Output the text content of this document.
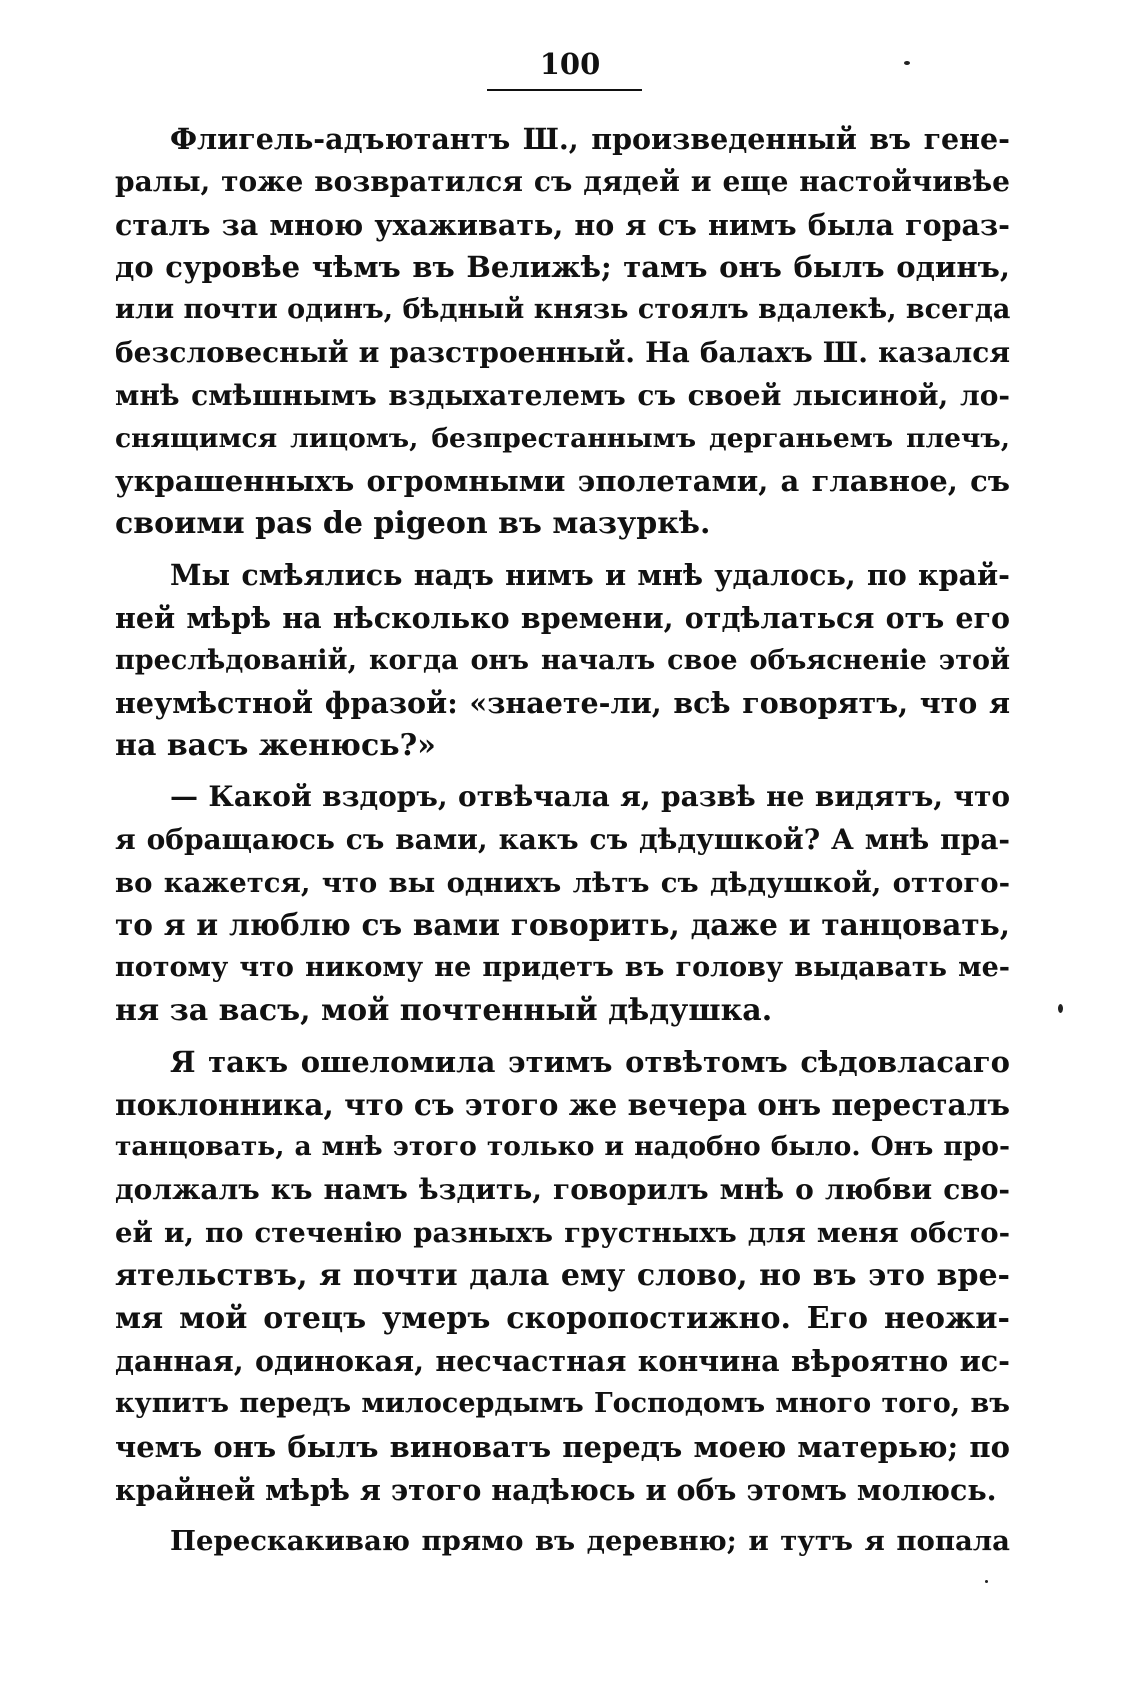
100
Флигель-адъютантъ Ш., произведенный въ гене-
ралы, тоже возвратился съ дядей и еще настойчивѣе
сталъ за мною ухаживать, но я съ нимъ была горaз-
до суровѣе чѣмъ въ Велижѣ; тамъ онъ былъ одинъ,
или почти одинъ, бѣдный князь стоялъ вдалекѣ, всегда
безсловесный и разстроенный. На балахъ Ш. казался
мнѣ смѣшнымъ вздыхателемъ съ своей лысиной, ло-
снящимся лицомъ, безпрестаннымъ дерганьемъ плечъ,
украшенныхъ огромными эполетами, а главное, съ
своими pas de pigeon въ мазуркѣ.
Мы смѣялись надъ нимъ и мнѣ удалось, по край-
ней мѣрѣ на нѣсколько времени, отдѣлаться отъ его
преслѣдованій, когда онъ началъ свое объясненіе этой
неумѣстной фразой: «знаете-ли, всѣ говорятъ, что я
на васъ женюсь?»
— Какой вздоръ, отвѣчала я, развѣ не видятъ, что
я обращаюсь съ вами, какъ съ дѣдушкой? А мнѣ пра-
во кажется, что вы однихъ лѣтъ съ дѣдушкой, оттого-
то я и люблю съ вами говорить, даже и танцовать,
потому что никому не придетъ въ голову выдавать ме-
ня за васъ, мой почтенный дѣдушка.
Я такъ ошеломила этимъ отвѣтомъ сѣдовласаго
поклонника, что съ этого же вечера онъ пересталъ
танцовать, а мнѣ этого только и надобно было. Онъ про-
должалъ къ намъ ѣздить, говорилъ мнѣ о любви сво-
ей и, по стеченію разныхъ грустныхъ для меня обсто-
ятельствъ, я почти дала ему слово, но въ это вре-
мя мой отецъ умеръ скоропостижно. Его неожи-
данная, одинокая, несчастная кончина вѣроятно ис-
купитъ передъ милосердымъ Господомъ много того, въ
чемъ онъ былъ виноватъ передъ моею матерью; по
крайней мѣрѣ я этого надѣюсь и объ этомъ молюсь.
Перескакиваю прямо въ деревню; и тутъ я попала
